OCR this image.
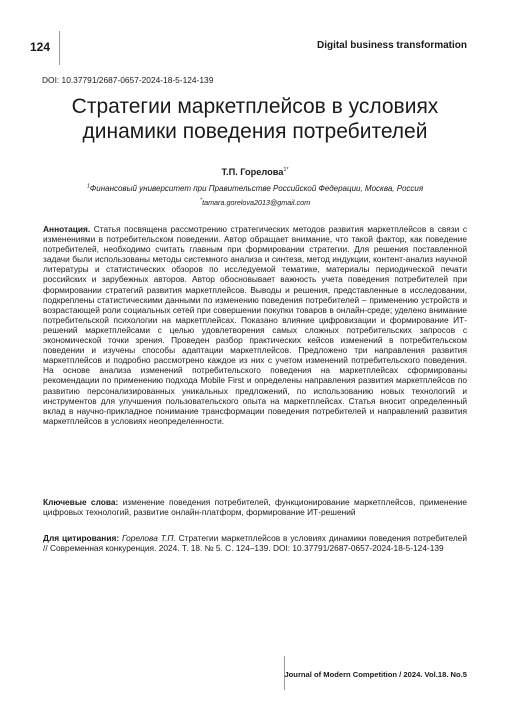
124	Digital business transformation
DOI: 10.37791/2687-0657-2024-18-5-124-139
Стратегии маркетплейсов в условиях
динамики поведения потребителей
Т.П. Горелова$^{1*}$
$^1$Финансовый университет при Правительстве Российской Федерации, Москва, Россия
*tamara.gorelova2013@gmail.com

Аннотация. Статья посвящена рассмотрению стратегических методов развития маркетплейсов в связи с изменениями в потребительском поведении. Автор обращает внимание, что такой фактор, как поведение потребителей, необходимо считать главным при формировании стратегии. Для решения поставленной задачи были использованы методы системного анализа и синтеза, метод индукции, контент-анализ научной литературы и статистических обзоров по исследуемой тематике, материалы периодической печати российских и зарубежных авторов. Автор обосновывает важность учета поведения потребителей при формировании стратегий развития маркетплейсов. Выводы и решения, представленные в исследовании, подкреплены статистическими данными по изменению поведения потребителей – применению устройств и возрастающей роли социальных сетей при совершении покупки товаров в онлайн-среде; уделено внимание потребительской психологии на маркетплейсах. Показано влияние цифровизации и формирование ИТ-решений маркетплейсами с целью удовлетворения самых сложных потребительских запросов с экономической точки зрения. Проведен разбор практических кейсов изменений в потребительском поведении и изучены способы адаптации маркетплейсов. Предложено три направления развития маркетплейсов и подробно рассмотрено каждое из них с учетом изменений потребительского поведения. На основе анализа изменений потребительского поведения на маркетплейсах сформированы рекомендации по применению подхода Mobile First и определены направления развития маркетплейсов по развитию персонализированных уникальных предложений, по использованию новых технологий и инструментов для улучшения пользовательского опыта на маркетплейсах. Статья вносит определенный вклад в научно-прикладное понимание трансформации поведения потребителей и направлений развития маркетплейсов в условиях неопределенности.

Ключевые слова: изменение поведения потребителей, функционирование маркетплейсов, применение цифровых технологий, развитие онлайн-платформ, формирование ИТ-решений

Для цитирования: Горелова Т.П. Стратегии маркетплейсов в условиях динамики поведения потребителей // Современная конкуренция. 2024. Т. 18. № 5. С. 124–139. DOI: 10.37791/2687-0657-2024-18-5-124-139

Journal of Modern Competition / 2024. Vol.18. No.5
